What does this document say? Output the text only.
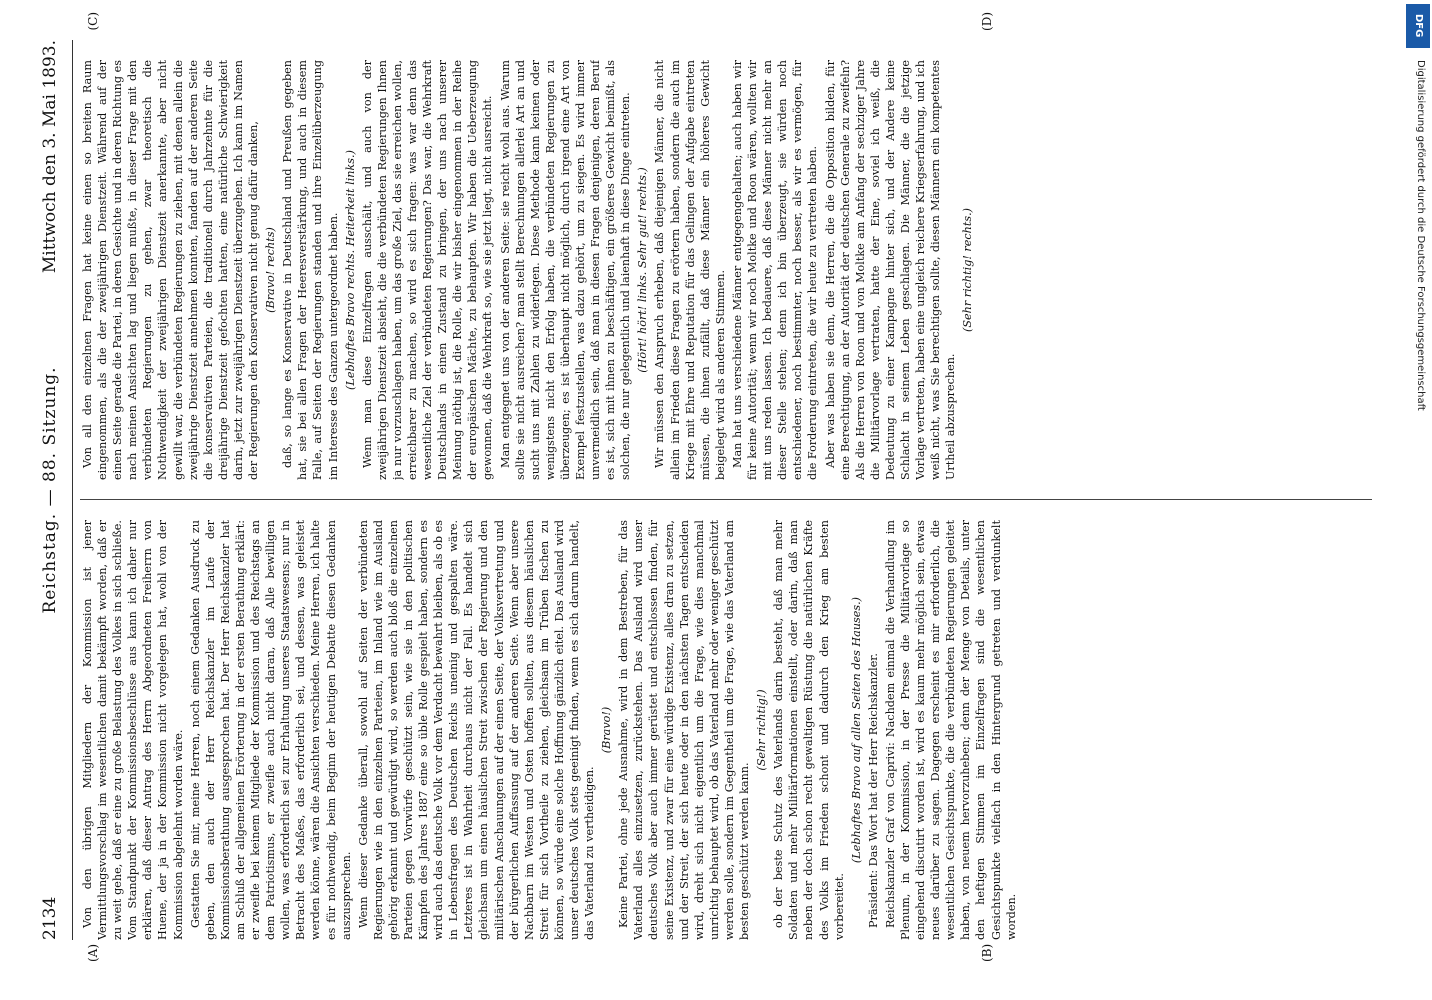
2134
Reichstag. — 88. Sitzung.
Mittwoch den 3. Mai 1893.
(A)	(B)
(C)	(D)

Von den übrigen Mitgliedern der Kommission ist jener Vermittlungsvorschlag im wesentlichen damit bekämpft worden, daß er zu weit gehe, daß er eine zu große Belastung des Volkes in sich schließe. Vom Standpunkt der Kommissionsbeschlüsse aus kann ich daher nur erklären, daß dieser Antrag des Herrn Abgeordneten Freiherrn von Huene, der ja in der Kommission nicht vorgelegen hat, wohl von der Kommission abgelehnt worden wäre. Gestatten Sie mir, meine Herren, noch einem Gedanken Ausdruck zu geben, den auch der Herr Reichskanzler im Laufe der Kommissionsberathung ausgesprochen hat. Der Herr Reichskanzler hat am Schluß der allgemeinen Erörterung in der ersten Berathung erklärt: er zweifle bei keinem Mitgliede der Kommission und des Reichstags an dem Patriotismus, er zweifle auch nicht daran, daß Alle bewilligen wollen, was erforderlich sei zur Erhaltung unseres Staatswesens; nur in Betracht des Maßes, das erforderlich sei, und dessen, was geleistet werden könne, wären die Ansichten verschieden. Meine Herren, ich halte es für nothwendig, beim Beginn der heutigen Debatte diesen Gedanken auszusprechen. Wenn dieser Gedanke überall, sowohl auf Seiten der verbündeten Regierungen wie in den einzelnen Parteien, im Inland wie im Ausland gehörig erkannt und gewürdigt wird, so werden auch bloß die einzelnen Parteien gegen Vorwürfe geschützt sein, wie sie in den politischen Kämpfen des Jahres 1887 eine so üble Rolle gespielt haben, sondern es wird auch das deutsche Volk vor dem Verdacht bewahrt bleiben, als ob es in Lebensfragen des Deutschen Reichs uneinig und gespalten wäre. Letzteres ist in Wahrheit durchaus nicht der Fall. Es handelt sich gleichsam um einen häuslichen Streit zwischen der Regierung und den militärischen Anschauungen auf der einen Seite, der Volksvertretung und der bürgerlichen Auffassung auf der anderen Seite. Wenn aber unsere Nachbarn im Westen und Osten hoffen sollten, aus diesem häuslichen Streit für sich Vortheile zu ziehen, gleichsam im Trüben fischen zu können, so würde eine solche Hoffnung gänzlich eitel. Das Ausland wird unser deutsches Volk stets geeinigt finden, wenn es sich darum handelt, das Vaterland zu vertheidigen.

(Bravo!) Keine Partei, ohne jede Ausnahme, wird in dem Bestreben, für das Vaterland alles einzusetzen, zurückstehen. Das Ausland wird unser deutsches Volk aber auch immer gerüstet und entschlossen finden, für seine Existenz, und zwar für eine würdige Existenz, alles dran zu setzen, und der Streit, der sich heute oder in den nächsten Tagen entscheiden wird, dreht sich nicht eigentlich um die Frage, wie dies manchmal unrichtig behauptet wird, ob das Vaterland mehr oder weniger geschützt werden solle, sondern im Gegentheil um die Frage, wie das Vaterland am besten geschützt werden kann.

(Sehr richtig!) ob der beste Schutz des Vaterlands darin besteht, daß man mehr Soldaten und mehr Militärformationen einstellt, oder darin, daß man neben der doch schon recht gewaltigen Rüstung die natürlichen Kräfte des Volks im Frieden schont und dadurch den Krieg am besten vorbereitet.

(Lebhaftes Bravo auf allen Seiten des Hauses.) Präsident: Das Wort hat der Herr Reichskanzler. Reichskanzler Graf von Caprivi: Nachdem einmal die Verhandlung im Plenum, in der Kommission, in der Presse die Militärvorlage so eingehend discutirt worden ist, wird es kaum mehr möglich sein, etwas neues darüber zu sagen. Dagegen erscheint es mir erforderlich, die wesentlichen Gesichtspunkte, die die verbündeten Regierungen geleitet haben, von neuem hervorzuheben; denn der Menge von Details, unter den heftigen Stimmen im Einzelfragen sind die wesentlichen Gesichtspunkte vielfach in den Hintergrund getreten und verdunkelt worden.

Von all den einzelnen Fragen hat keine einen so breiten Raum eingenommen, als die der zweijährigen Dienstzeit. Während auf der einen Seite gerade die Partei, in deren Gesichte und in deren Richtung es nach meinen Ansichten lag und liegen mußte, in dieser Frage mit den verbündeten Regierungen zu gehen, zwar theoretisch die Nothwendigkeit der zweijährigen Dienstzeit anerkannte, aber nicht gewillt war, die verbündeten Regierungen zu ziehen, mit denen allein die zweijährige Dienstzeit annehmen konnten, fanden auf der anderen Seite die konservativen Parteien, die traditionell durch Jahrzehnte für die dreijährige Dienstzeit gefochten hatten, eine natürliche Schwierigkeit darin, jetzt zur zweijährigen Dienstzeit überzugehen. Ich kann im Namen der Regierungen den Konservativen nicht genug dafür danken, (Bravo! rechts) daß, so lange es Konservative in Deutschland und Preußen gegeben hat, sie bei allen Fragen der Heeresverstärkung, und auch in diesem Falle, auf Seiten der Regierungen standen und ihre Einzelüberzeugung im Interesse des Ganzen untergeordnet haben. (Lebhaftes Bravo rechts. Heiterkeit links.) Wenn man diese Einzelfragen ausschält, und auch von der zweijährigen Dienstzeit absieht, die die verbündeten Regierungen Ihnen ja nur vorzuschlagen haben, um das große Ziel, das sie erreichen wollen, erreichbarer zu machen, so wird es sich fragen: was war denn das wesentliche Ziel der verbündeten Regierungen? Das war, die Wehrkraft Deutschlands in einen Zustand zu bringen, der uns nach unserer Meinung nöthig ist, die Rolle, die wir bisher eingenommen in der Reihe der europäischen Mächte, zu behaupten. Wir haben die Ueberzeugung gewonnen, daß die Wehrkraft so, wie sie jetzt liegt, nicht ausreicht. Man entgegnet uns von der anderen Seite: sie reicht wohl aus. Warum sollte sie nicht ausreichen? man stellt Berechnungen allerlei Art an und sucht uns mit Zahlen zu widerlegen. Diese Methode kann keinen oder wenigstens nicht den Erfolg haben, die verbündeten Regierungen zu überzeugen; es ist überhaupt nicht möglich, durch irgend eine Art von Exempel festzustellen, was dazu gehört, um zu siegen. Es wird immer unvermeidlich sein, daß man in diesen Fragen denjenigen, deren Beruf es ist, sich mit ihnen zu beschäftigen, ein größeres Gewicht beimißt, als solchen, die nur gelegentlich und laienhaft in diese Dinge eintreten. (Hört! hört! links. Sehr gut! rechts.) Wir müssen den Anspruch erheben, daß diejenigen Männer, die nicht allein im Frieden diese Fragen zu erörtern haben, sondern die auch im Kriege mit Ehre und Reputation für das Gelingen der Aufgabe eintreten müssen, die ihnen zufällt, daß diese Männer ein höheres Gewicht beigelegt wird als anderen Stimmen. Man hat uns verschiedene Männer entgegengehalten; auch haben wir für keine Autorität; wenn wir noch Moltke und Roon wären, wollten wir mit uns reden lassen. Ich bedauere, daß diese Männer nicht mehr an dieser Stelle stehen; denn ich bin überzeugt, sie würden noch entschiedener, noch bestimmter, noch besser, als wir es vermögen, für die Forderung eintreten, die wir heute zu vertreten haben. Aber was haben sie denn, die Herren, die die Opposition bilden, für eine Berechtigung, an der Autorität der deutschen Generale zu zweifeln? Als die Herren von Roon und von Moltke am Anfang der sechziger Jahre die Militärvorlage vertraten, hatte der Eine, soviel ich weiß, die Dedeutung zu einer Kampagne hinter sich, und der Andere keine Schlacht in seinem Leben geschlagen. Die Männer, die die jetzige Vorlage vertreten, haben eine ungleich reichere Kriegserfahrung, und ich weiß nicht, was Sie berechtigen sollte, diesen Männern ein kompetentes Urtheil abzusprechen.

(Sehr richtig! rechts.)

DFG
Digitalisierung gefördert durch die Deutsche Forschungsgemeinschaft
